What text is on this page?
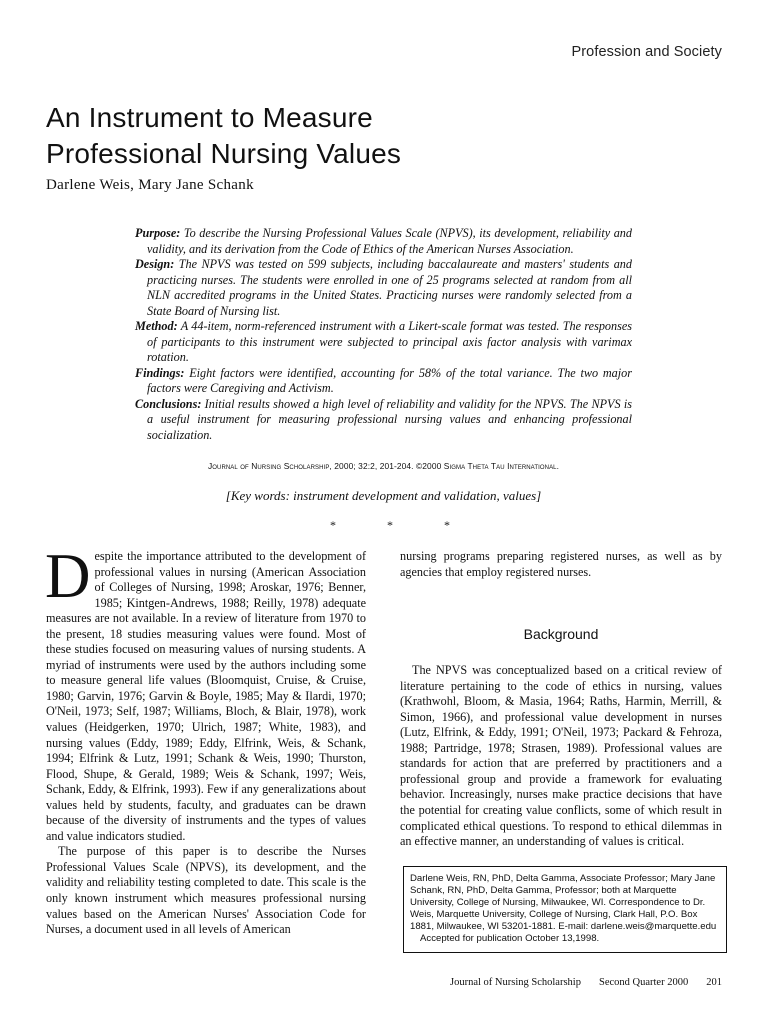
Profession and Society
An Instrument to Measure
Professional Nursing Values
Darlene Weis, Mary Jane Schank

Purpose: To describe the Nursing Professional Values Scale (NPVS), its development, reliability and validity, and its derivation from the Code of Ethics of the American Nurses Association.

Design: The NPVS was tested on 599 subjects, including baccalaureate and masters' students and practicing nurses. The students were enrolled in one of 25 programs selected at random from all NLN accredited programs in the United States. Practicing nurses were randomly selected from a State Board of Nursing list.

Method: A 44-item, norm-referenced instrument with a Likert-scale format was tested. The responses of participants to this instrument were subjected to principal axis factor analysis with varimax rotation.

Findings: Eight factors were identified, accounting for 58% of the total variance. The two major factors were Caregiving and Activism.

Conclusions: Initial results showed a high level of reliability and validity for the NPVS. The NPVS is a useful instrument for measuring professional nursing values and enhancing professional socialization.

Journal of Nursing Scholarship, 2000; 32:2, 201-204. ©2000 Sigma Theta Tau International.
[Key words: instrument development and validation, values]
*	*	*

Despite the importance attributed to the development of professional values in nursing (American Association of Colleges of Nursing, 1998; Aroskar, 1976; Benner, 1985; Kintgen-Andrews, 1988; Reilly, 1978) adequate measures are not available. In a review of literature from 1970 to the present, 18 studies measuring values were found. Most of these studies focused on measuring values of nursing students. A myriad of instruments were used by the authors including some to measure general life values (Bloomquist, Cruise, & Cruise, 1980; Garvin, 1976; Garvin & Boyle, 1985; May & Ilardi, 1970; O'Neil, 1973; Self, 1987; Williams, Bloch, & Blair, 1978), work values (Heidgerken, 1970; Ulrich, 1987; White, 1983), and nursing values (Eddy, 1989; Eddy, Elfrink, Weis, & Schank, 1994; Elfrink & Lutz, 1991; Schank & Weis, 1990; Thurston, Flood, Shupe, & Gerald, 1989; Weis & Schank, 1997; Weis, Schank, Eddy, & Elfrink, 1993). Few if any generalizations about values held by students, faculty, and graduates can be drawn because of the diversity of instruments and the types of values and value indicators studied.

The purpose of this paper is to describe the Nurses Professional Values Scale (NPVS), its development, and the validity and reliability testing completed to date. This scale is the only known instrument which measures professional nursing values based on the American Nurses' Association Code for Nurses, a document used in all levels of American

nursing programs preparing registered nurses, as well as by agencies that employ registered nurses.

Background

The NPVS was conceptualized based on a critical review of literature pertaining to the code of ethics in nursing, values (Krathwohl, Bloom, & Masia, 1964; Raths, Harmin, Merrill, & Simon, 1966), and professional value development in nurses (Lutz, Elfrink, & Eddy, 1991; O'Neil, 1973; Packard & Fehroza, 1988; Partridge, 1978; Strasen, 1989). Professional values are standards for action that are preferred by practitioners and a professional group and provide a framework for evaluating behavior. Increasingly, nurses make practice decisions that have the potential for creating value conflicts, some of which result in complicated ethical questions. To respond to ethical dilemmas in an effective manner, an understanding of values is critical.

Darlene Weis, RN, PhD, Delta Gamma, Associate Professor; Mary Jane Schank, RN, PhD, Delta Gamma, Professor; both at Marquette University, College of Nursing, Milwaukee, WI. Correspondence to Dr. Weis, Marquette University, College of Nursing, Clark Hall, P.O. Box 1881, Milwaukee, WI 53201-1881. E-mail: darlene.weis@marquette.edu

Accepted for publication October 13,1998.

Journal of Nursing Scholarship Second Quarter 2000 201
